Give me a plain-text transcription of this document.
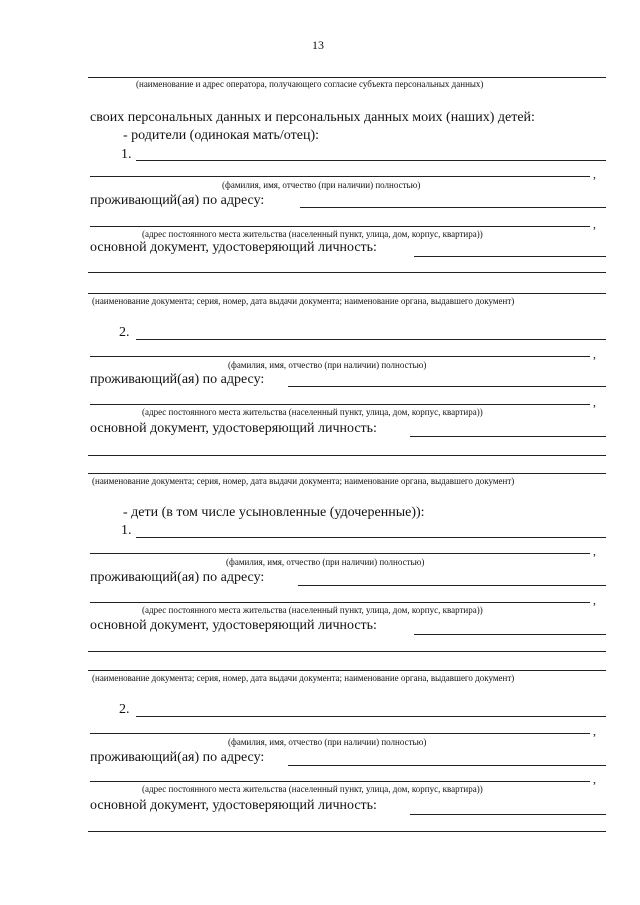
13
(наименование и адрес оператора, получающего согласие субъекта персональных данных)
своих персональных данных и персональных данных моих (наших) детей:
- родители (одинокая мать/отец):
1.
,
(фамилия, имя, отчество (при наличии) полностью)
проживающий(ая) по адресу:
,
(адрес постоянного места жительства (населенный пункт, улица, дом, корпус, квартира))
основной документ, удостоверяющий личность:
(наименование документа; серия, номер, дата выдачи документа; наименование органа, выдавшего документ)
2.
,
(фамилия, имя, отчество (при наличии) полностью)
проживающий(ая) по адресу:
,
(адрес постоянного места жительства (населенный пункт, улица, дом, корпус, квартира))
основной документ, удостоверяющий личность:
(наименование документа; серия, номер, дата выдачи документа; наименование органа, выдавшего документ)
- дети (в том числе усыновленные (удочеренные)):
1.
,
(фамилия, имя, отчество (при наличии) полностью)
проживающий(ая) по адресу:
,
(адрес постоянного места жительства (населенный пункт, улица, дом, корпус, квартира))
основной документ, удостоверяющий личность:
(наименование документа; серия, номер, дата выдачи документа; наименование органа, выдавшего документ)
2.
,
(фамилия, имя, отчество (при наличии) полностью)
проживающий(ая) по адресу:
,
(адрес постоянного места жительства (населенный пункт, улица, дом, корпус, квартира))
основной документ, удостоверяющий личность:
